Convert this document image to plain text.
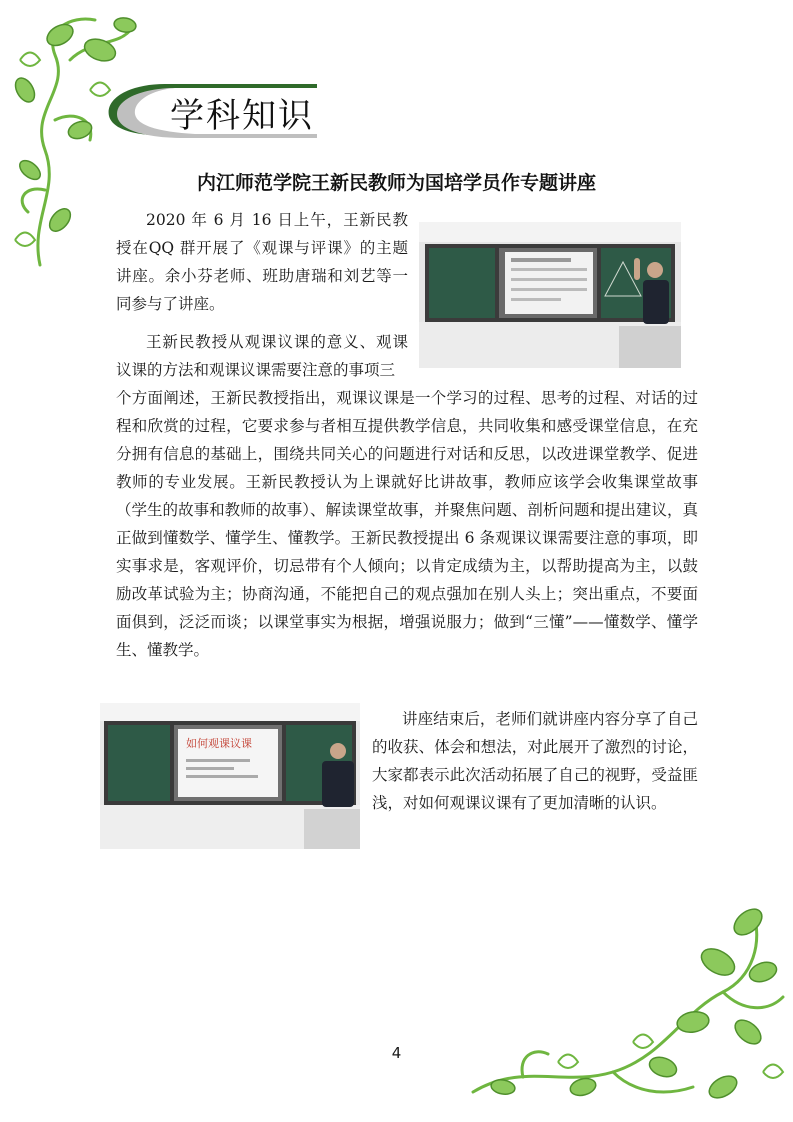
学科知识
内江师范学院王新民教师为国培学员作专题讲座

2020 年 6 月 16 日上午，王新民教授在QQ 群开展了《观课与评课》的主题讲座。余小芬老师、班助唐瑞和刘艺等一同参与了讲座。

王新民教授从观课议课的意义、观课议课的方法和观课议课需要注意的事项三

个方面阐述，王新民教授指出，观课议课是一个学习的过程、思考的过程、对话的过程和欣赏的过程，它要求参与者相互提供教学信息，共同收集和感受课堂信息，在充分拥有信息的基础上，围绕共同关心的问题进行对话和反思，以改进课堂教学、促进教师的专业发展。王新民教授认为上课就好比讲故事，教师应该学会收集课堂故事（学生的故事和教师的故事）、解读课堂故事，并聚焦问题、剖析问题和提出建议，真正做到懂数学、懂学生、懂教学。王新民教授提出 6 条观课议课需要注意的事项，即实事求是，客观评价，切忌带有个人倾向；以肯定成绩为主，以帮助提高为主，以鼓励改革试验为主；协商沟通，不能把自己的观点强加在别人头上；突出重点，不要面面俱到，泛泛而谈；以课堂事实为根据，增强说服力；做到“三懂”——懂数学、懂学生、懂教学。

如何观课议课

讲座结束后，老师们就讲座内容分享了自己的收获、体会和想法，对此展开了激烈的讨论，大家都表示此次活动拓展了自己的视野，受益匪浅，对如何观课议课有了更加清晰的认识。

4
